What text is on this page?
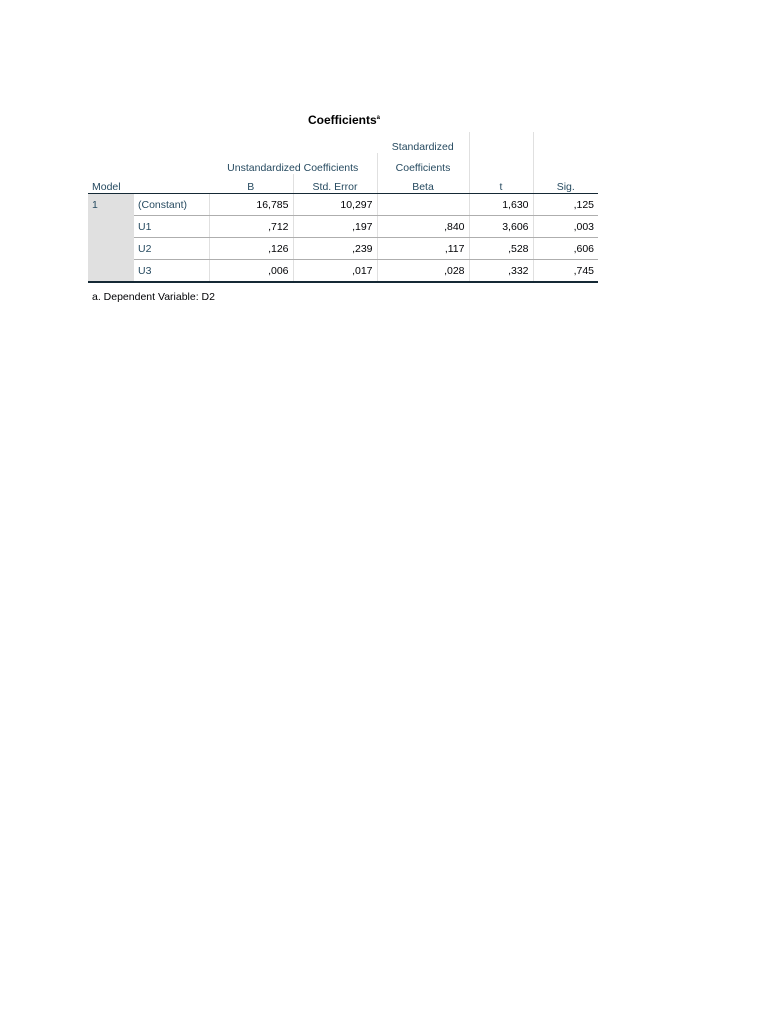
Coefficients$^a$
				Standardized		
		Unstandardized Coefficients		Coefficients		
Model		B	Std. Error	Beta	t	Sig.
1	(Constant)	16,785	10,297		1,630	,125
	U1	,712	,197	,840	3,606	,003
	U2	,126	,239	,117	,528	,606
	U3	,006	,017	,028	,332	,745
a. Dependent Variable: D2
